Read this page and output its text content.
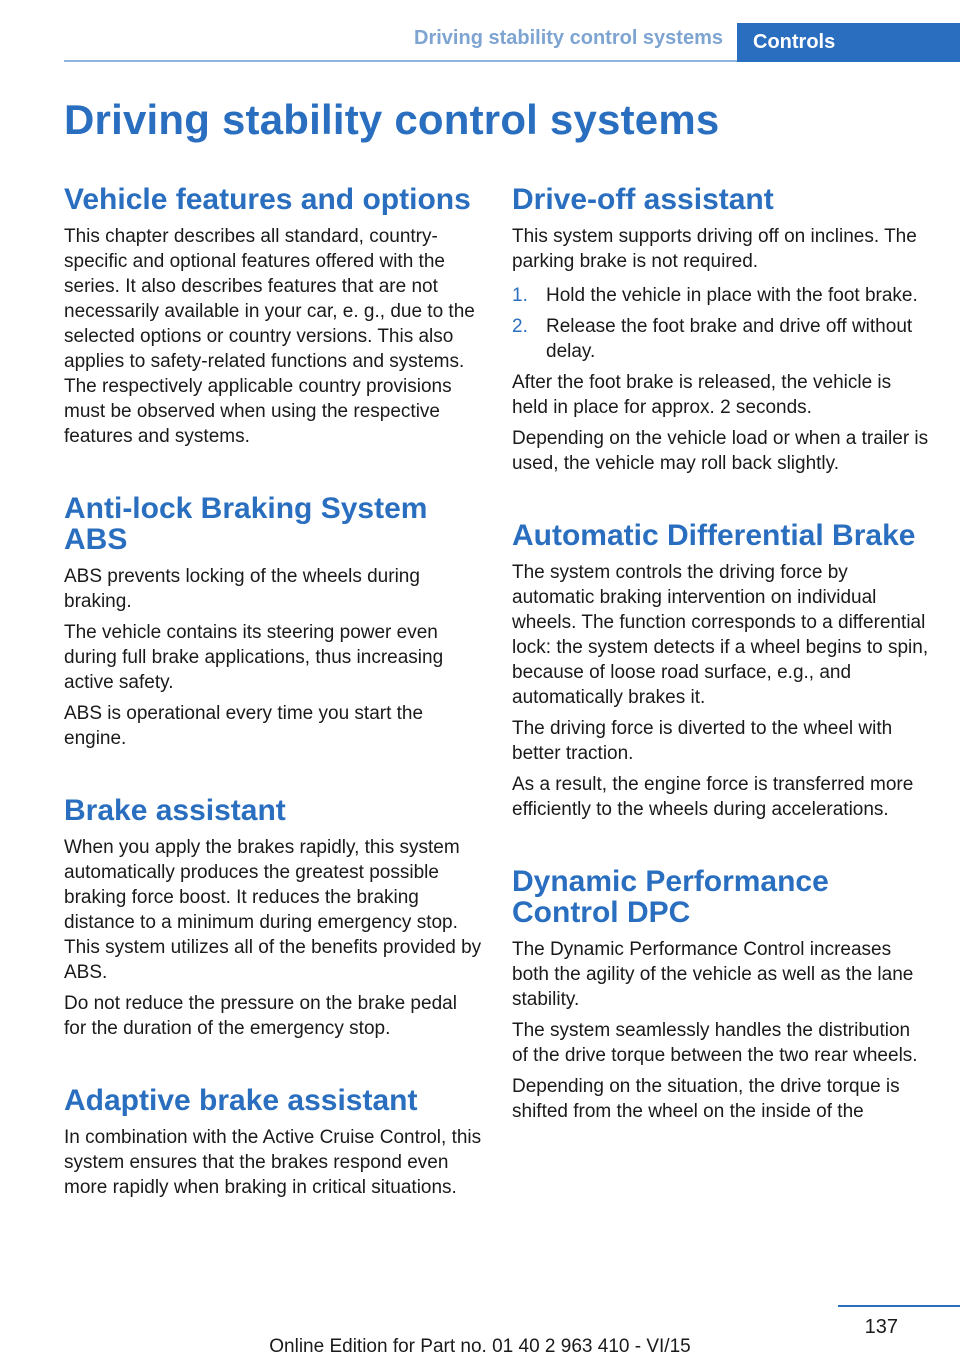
Driving stability control systems Controls
Driving stability control systems
Vehicle features and options

This chapter describes all standard, country-specific and optional features offered with the series. It also describes features that are not necessarily available in your car, e. g., due to the selected options or country versions. This also applies to safety-related functions and systems. The respectively applicable country provisions must be observed when using the respective features and systems.

Anti-lock Braking System ABS

ABS prevents locking of the wheels during braking.

The vehicle contains its steering power even during full brake applications, thus increasing active safety.

ABS is operational every time you start the engine.

Brake assistant

When you apply the brakes rapidly, this system automatically produces the greatest possible braking force boost. It reduces the braking distance to a minimum during emergency stop. This system utilizes all of the benefits provided by ABS.

Do not reduce the pressure on the brake pedal for the duration of the emergency stop.

Adaptive brake assistant

In combination with the Active Cruise Control, this system ensures that the brakes respond even more rapidly when braking in critical situations.

Drive-off assistant

This system supports driving off on inclines. The parking brake is not required.

1. Hold the vehicle in place with the foot brake.
2. Release the foot brake and drive off without delay.

After the foot brake is released, the vehicle is held in place for approx. 2 seconds.

Depending on the vehicle load or when a trailer is used, the vehicle may roll back slightly.

Automatic Differential Brake

The system controls the driving force by automatic braking intervention on individual wheels. The function corresponds to a differential lock: the system detects if a wheel begins to spin, because of loose road surface, e.g., and automatically brakes it.

The driving force is diverted to the wheel with better traction.

As a result, the engine force is transferred more efficiently to the wheels during accelerations.

Dynamic Performance Control DPC

The Dynamic Performance Control increases both the agility of the vehicle as well as the lane stability.

The system seamlessly handles the distribution of the drive torque between the two rear wheels.

Depending on the situation, the drive torque is shifted from the wheel on the inside of the

137
Online Edition for Part no. 01 40 2 963 410 - VI/15
